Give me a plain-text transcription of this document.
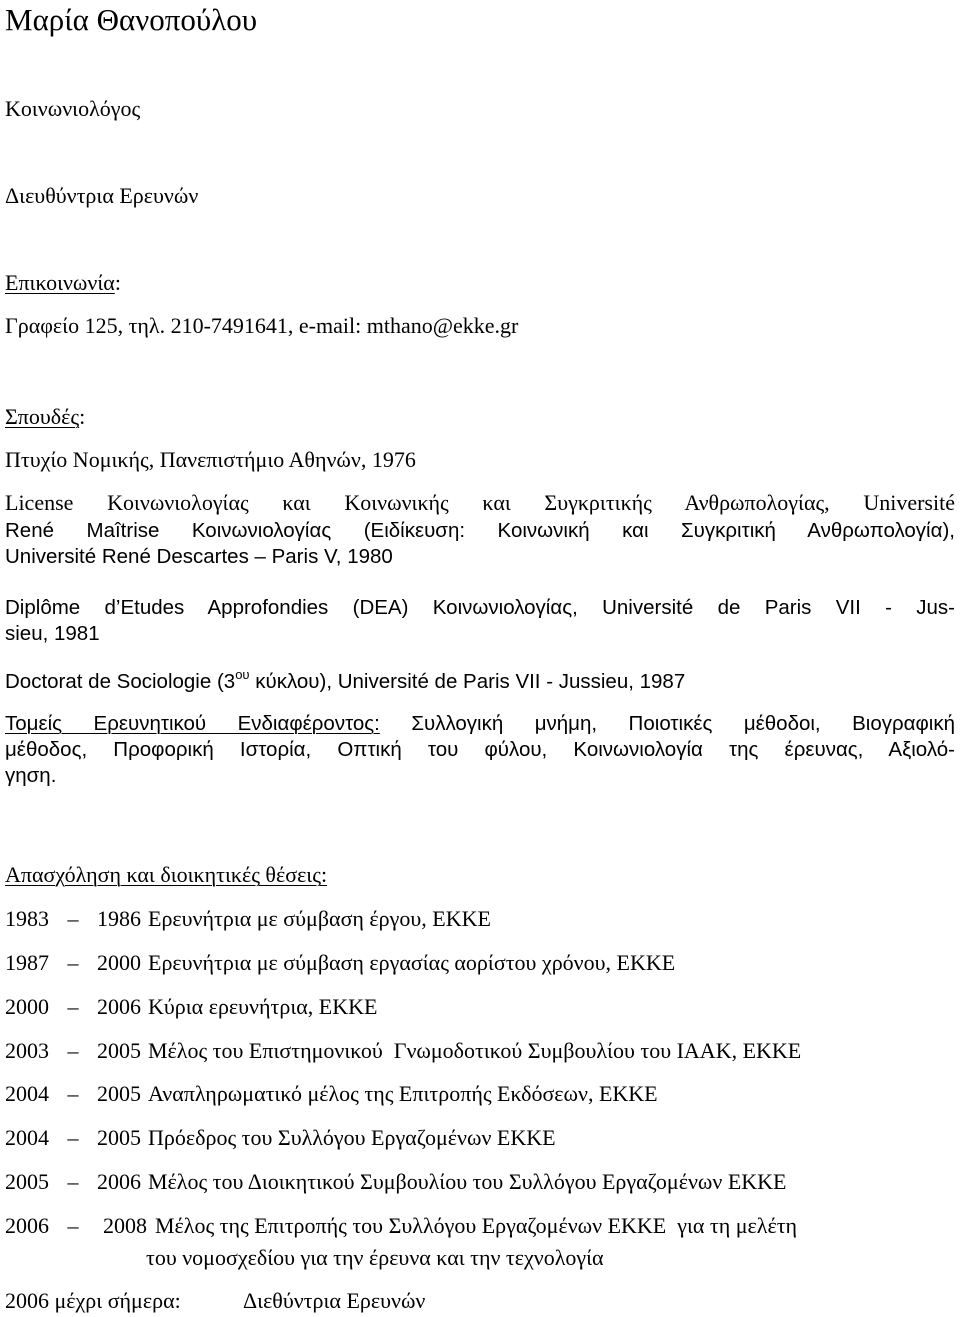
Μαρία Θανοπούλου
Κοινωνιολόγος
Διευθύντρια Ερευνών
Επικοινωνία:
Γραφείο 125, τηλ. 210-7491641, e-mail: mthano@ekke.gr
Σπουδές:
Πτυχίο Νομικής, Πανεπιστήμιο Αθηνών, 1976
License Κοινωνιολογίας και Κοινωνικής και Συγκριτικής Ανθρωπολογίας, Université
René Maîtrise Κοινωνιολογίας (Ειδίκευση: Κοινωνική και Συγκριτική Ανθρωπολογία),
Université René Descartes – Paris V, 1980
Diplôme d’Etudes Approfondies (DEA) Κοινωνιολογίας, Université de Paris VII - Jus-
sieu, 1981
Doctorat de Sociologie ($3^{o\upsilon}$ κύκλου), Université de Paris VII - Jussieu, 1987
Τομείς Ερευνητικού Ενδιαφέροντος: Συλλογική μνήμη, Ποιοτικές μέθοδοι, Βιογραφική
μέθοδος, Προφορική Ιστορία, Οπτική του φύλου, Κοινωνιολογία της έρευνας, Αξιολό-
γηση.
Απασχόληση και διοικητικές θέσεις:
1983 – 1986 Ερευνήτρια με σύμβαση έργου, ΕΚΚΕ
1987 – 2000 Ερευνήτρια με σύμβαση εργασίας αορίστου χρόνου, ΕΚΚΕ
2000 – 2006 Κύρια ερευνήτρια, ΕΚΚΕ
2003 – 2005 Μέλος του Επιστημονικού  Γνωμοδοτικού Συμβουλίου του ΙΑΑΚ, ΕΚΚΕ
2004 – 2005 Αναπληρωματικό μέλος της Επιτροπής Εκδόσεων, ΕΚΚΕ
2004 – 2005 Πρόεδρος του Συλλόγου Εργαζομένων ΕΚΚΕ
2005 – 2006 Μέλος του Διοικητικού Συμβουλίου του Συλλόγου Εργαζομένων ΕΚΚΕ
2006 – 2008 Μέλος της Επιτροπής του Συλλόγου Εργαζομένων ΕΚΚΕ  για τη μελέτη
του νομοσχεδίου για την έρευνα και την τεχνολογία
2006 μέχρι σήμερα:	Διεθύντρια Ερευνών
